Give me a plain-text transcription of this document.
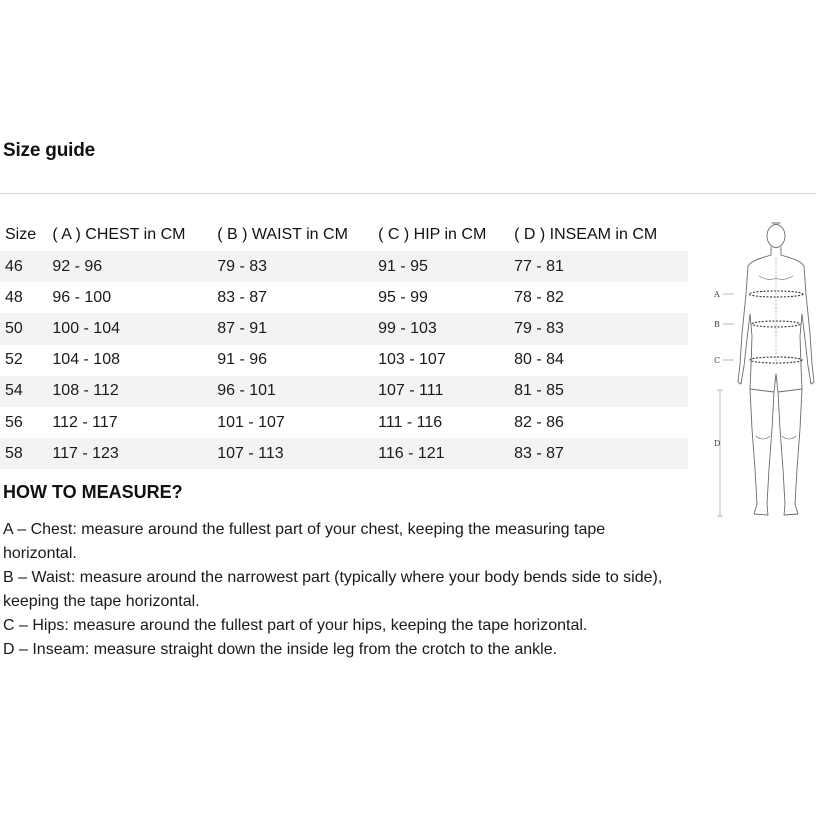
Size guide
Size	( A ) CHEST in CM	( B ) WAIST in CM	( C ) HIP in CM	( D ) INSEAM in CM
46	92 - 96	79 - 83	91 - 95	77 - 81
48	96 - 100	83 - 87	95 - 99	78 - 82
50	100 - 104	87 - 91	99 - 103	79 - 83
52	104 - 108	91 - 96	103 - 107	80 - 84
54	108 - 112	96 - 101	107 - 111	81 - 85
56	112 - 117	101 - 107	111 - 116	82 - 86
58	117 - 123	107 - 113	116 - 121	83 - 87
HOW TO MEASURE?

A – Chest: measure around the fullest part of your chest, keeping the measuring tape horizontal.

B – Waist: measure around the narrowest part (typically where your body bends side to side), keeping the tape horizontal.

C – Hips: measure around the fullest part of your hips, keeping the tape horizontal.

D – Inseam: measure straight down the inside leg from the crotch to the ankle.

A
B
C
D
